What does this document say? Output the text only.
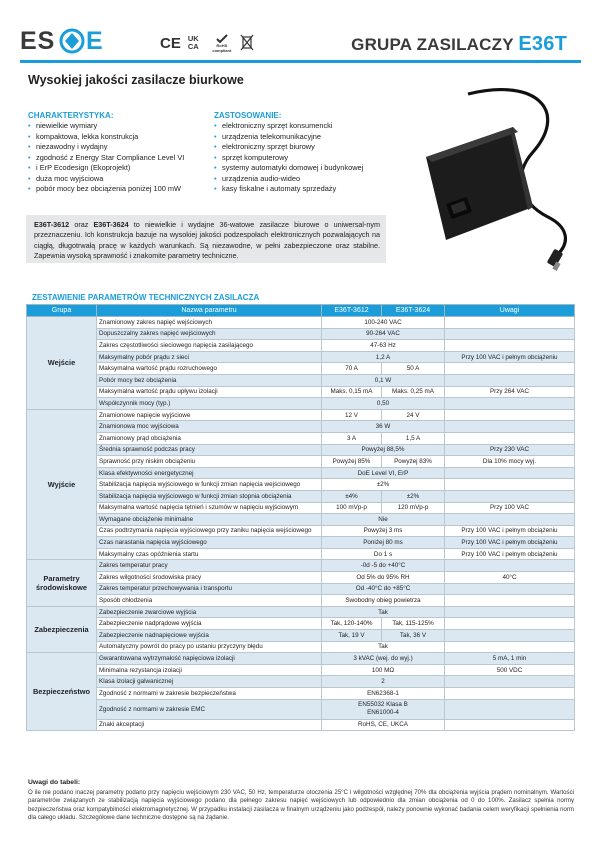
ES E
ES•PE
CE UK CA	RoHS compliant
WEEE	GRUPA ZASILACZY E36T
Wysokiej jakości zasilacze biurkowe
CHARAKTERYSTYKA:
• niewielkie wymiary
• kompaktowa, lekka konstrukcja
• niezawodny i wydajny
• zgodność z Energy Star Compliance Level VI
• i ErP Ecodesign (Ekoprojekt)
• duża moc wyjściowa
• pobór mocy bez obciążenia poniżej 100 mW
ZASTOSOWANIE:
• elektroniczny sprzęt konsumencki
• urządzenia telekomunikacyjne
• elektroniczny sprzęt biurowy
• sprzęt komputerowy
• systemy automatyki domowej i budynkowej
• urządzenia audio-wideo
• kasy fiskalne i automaty sprzedaży
E36T-3612 oraz E36T-3624 to niewielkie i wydajne 36-watowe zasilacze biurowe o uniwersal-nym przeznaczeniu. Ich konstrukcja bazuje na wysokiej jakości podzespołach elektronicznych pozwalających na ciągłą, długotrwałą pracę w każdych warunkach. Są niezawodne, w pełni zabezpieczone oraz stabilne. Zapewnia wysoką sprawność i znakomite parametry techniczne.
ZESTAWIENIE PARAMETRÓW TECHNICZNYCH ZASILACZA
Grupa	Nazwa parametru	E36T-3612	E36T-3624	Uwagi
Wejście	Znamionowy zakres napięć wejściowych	100-240 VAC		
	Dopuszczalny zakres napięć wejściowych	90-264 VAC		
	Zakres częstotliwości sieciowego napięcia zasilającego	47-63 Hz		
	Maksymalny pobór prądu z sieci	1,2 A		Przy 100 VAC i pełnym obciążeniu
	Maksymalna wartość prądu rozruchowego	70 A	50 A	
	Pobór mocy bez obciążenia	0,1 W		
	Maksymalna wartość prądu upływu izolacji	Maks. 0,15 mA	Maks. 0,25 mA	Przy 264 VAC
	Współczynnik mocy (typ.)	0,50		
Wyjście	Znamionowe napięcie wyjściowe	12 V	24 V	
	Znamionowa moc wyjściowa	36 W		
	Znamionowy prąd obciążenia	3 A	1,5 A	
	Średnia sprawność podczas pracy	Powyżej 88,5%		Przy 230 VAC
	Sprawność przy niskim obciążeniu	Powyżej 85%	Powyżej 83%	Dla 10% mocy wyj.
	Klasa efektywności energetycznej	DoE Level VI, ErP		
	Stabilizacja napięcia wyjściowego w funkcji zmian napięcia wejściowego	±2%		
	Stabilizacja napięcia wyjściowego w funkcji zmian stopnia obciążenia	±4%	±2%	
	Maksymalna wartość napięcia tętnień i szumów w napięciu wyjściowym	100 mVp-p	120 mVp-p	Przy 100 VAC
	Wymagane obciążenie minimalne	Nie		
	Czas podtrzymania napięcia wyjściowego przy zaniku napięcia wejściowego	Powyżej 3 ms		Przy 100 VAC i pełnym obciążeniu
	Czas narastania napięcia wyjściowego	Poniżej 80 ms		Przy 100 VAC i pełnym obciążeniu
	Maksymalny czas opóźnienia startu	Do 1 s		Przy 100 VAC i pełnym obciążeniu
Parametry środowiskowe	Zakres temperatur pracy	-0d -5 do +40°C		
	Zakres wilgotności środowiska pracy	Od 5% do 95% RH		40°C
	Zakres temperatur przechowywania i transportu	Od -40°C do +85°C		
	Sposób chłodzenia	Swobodny obieg powietrza		
Zabezpieczenia	Zabezpieczenie zwarciowe wyjścia	Tak		
	Zabezpieczenie nadprądowe wyjścia	Tak, 120-140%	Tak, 115-125%	
	Zabezpieczenie nadnapięciowe wyjścia	Tak, 19 V	Tak, 36 V	
	Automatyczny powrót do pracy po ustaniu przyczyny błędu	Tak		
Bezpieczeństwo	Gwarantowana wytrzymałość napięciowa izolacji	3 kVAC (wej. do wyj.)		5 mA, 1 min
	Minimalna rezystancja izolacji	100 MΩ		500 VDC
	Klasa izolacji galwanicznej	2		
	Zgodność z normami w zakresie bezpieczeństwa	EN62368-1		
	Zgodność z normami w zakresie EMC	EN55032 Klasa B
EN61000-4		
	Znaki akceptacji	RoHS, CE, UKCA		
Uwagi do tabeli:
O ile nie podano inaczej parametry podano przy napięciu wejściowym 230 VAC, 50 Hz, temperaturze otoczenia 25°C i wilgotności względnej 70% dla obciążenia wyjścia prądem nominalnym. Wartości parametrów związanych ze stabilizacją napięcia wyjściowego podano dla pełnego zakresu napięć wejściowych lub odpowiednio dla zmian obciążenia od 0 do 100%. Zasilacz spełnia normy bezpieczeństwa oraz kompatybilności elektromagnetycznej. W przypadku instalacji zasilacza w finalnym urządzeniu jako podzespół, należy ponownie wykonać badania celem weryfikacji spełnienia norm dla całego układu. Szczegółowe dane techniczne dostępne są na żądanie.
